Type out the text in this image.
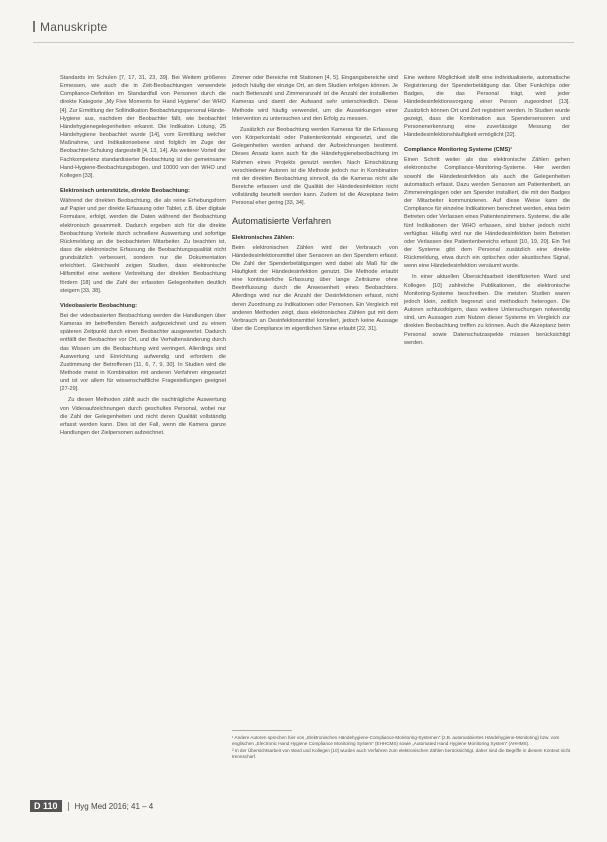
Manuskripte

Standards im Schulen [7, 17, 31, 23, 39]. Bei Weitem größeres Ermessen, wie auch die in Zeit-Beobachtungen verwendete Compliance-Definition im Standardfall von Personen durch die direkte Kategorie „My Five Moments for Hand Hygiene“ der WHO [4]. Zur Ermittlung der Sollindikation Beobachtungspersonal Hände-Hygiene aus, nachdem der Beobachter fällt, wie beobachtet Händehygienegelegenheiten erkannt. Die Indikation Lotung, 25 Händehygiene beobachtet wurde [14], vom Ermittlung welcher Maßnahme, und Indikationsebene sind folglich im Zuge der Beobachter-Schulung dargestellt [4, 13, 14]. Als weiterer Vorteil der Fachkompetenz standardisierter Beobachtung ist der gemeinsame Hand-Hygiene-Beobachtungsbogen, und 10000 von der WHO und Kollegen [33].

Elektronisch unterstützte, direkte Beobachtung:

Während der direkten Beobachtung, die als reine Erhebungsform auf Papier und per direkte Erfassung oder Tablet, z.B. über digitale Formulare, erfolgt, werden die Daten während der Beobachtung elektronisch gesammelt. Dadurch ergeben sich für die direkte Beobachtung Vorteile durch schnellere Auswertung und sofortige Rückmeldung an die beobachteten Mitarbeiter. Zu beachten ist, dass die elektronische Erfassung die Beobachtungsqualität nicht grundsätzlich verbessert, sondern nur die Dokumentation erleichtert. Gleichwohl zeigen Studien, dass elektronische Hilfsmittel eine weitere Verbreitung der direkten Beobachtung fördern [18] und die Zahl der erfassten Gelegenheiten deutlich steigern [33, 38].

Videobasierte Beobachtung:

Bei der videobasierten Beobachtung werden die Handlungen über Kameras im betreffenden Bereich aufgezeichnet und zu einem späteren Zeitpunkt durch einen Beobachter ausgewertet. Dadurch entfällt der Beobachter vor Ort, und die Verhaltensänderung durch das Wissen um die Beobachtung wird verringert. Allerdings sind Auswertung und Einrichtung aufwendig und erfordern die Zustimmung der Betroffenen [11, 6, 7, 9, 30]. In Studien wird die Methode meist in Kombination mit anderen Verfahren eingesetzt und ist vor allem für wissenschaftliche Fragestellungen geeignet [27-29].

Zu diesen Methoden zählt auch die nachträgliche Auswertung von Videoaufzeichnungen durch geschultes Personal, wobei nur die Zahl der Gelegenheiten und nicht deren Qualität vollständig erfasst werden kann. Dies ist der Fall, wenn die Kamera ganze Handlungen der Zielpersonen aufzeichnet.

Zimmer oder Bereiche mit Stationen [4, 5]. Eingangsbereiche sind jedoch häufig der einzige Ort, an dem Studien erfolgen können. Je nach Bettenzahl und Zimmeranzahl ist die Anzahl der installierten Kameras und damit der Aufwand sehr unterschiedlich. Diese Methode wird häufig verwendet, um die Auswirkungen einer Intervention zu untersuchen und den Erfolg zu messen.

Zusätzlich zur Beobachtung werden Kameras für die Erfassung von Körperkontakt oder Patientenkontakt eingesetzt, und die Gelegenheiten werden anhand der Aufzeichnungen bestimmt. Dieses Ansatz kann auch für die Händehygienebeobachtung im Rahmen eines Projekts genutzt werden. Nach Einschätzung verschiedener Autoren ist die Methode jedoch nur in Kombination mit der direkten Beobachtung sinnvoll, da die Kameras nicht alle Bereiche erfassen und die Qualität der Händedesinfektion nicht vollständig beurteilt werden kann. Zudem ist die Akzeptanz beim Personal eher gering [33, 34].

Automatisierte Verfahren
Elektronisches Zählen:

Beim elektronischen Zählen wird der Verbrauch von Händedesinfektionsmittel über Sensoren an den Spendern erfasst. Die Zahl der Spenderbetätigungen wird dabei als Maß für die Häufigkeit der Händedesinfektion genutzt. Die Methode erlaubt eine kontinuierliche Erfassung über lange Zeiträume ohne Beeinflussung durch die Anwesenheit eines Beobachters. Allerdings wird nur die Anzahl der Desinfektionen erfasst, nicht deren Zuordnung zu Indikationen oder Personen. Ein Vergleich mit anderen Methoden zeigt, dass elektronisches Zählen gut mit dem Verbrauch an Desinfektionsmittel korreliert, jedoch keine Aussage über die Compliance im eigentlichen Sinne erlaubt [22, 31].

Eine weitere Möglichkeit stellt eine individualisierte, automatische Registrierung der Spenderbetätigung dar. Über Funkchips oder Badges, die das Personal trägt, wird jeder Händedesinfektionsvorgang einer Person zugeordnet [13]. Zusätzlich können Ort und Zeit registriert werden. In Studien wurde gezeigt, dass die Kombination aus Spendersensoren und Personenerkennung eine zuverlässige Messung der Händedesinfektionshäufigkeit ermöglicht [32].

Compliance Monitoring Systeme (CMS)¹

Einen Schritt weiter als das elektronische Zählen gehen elektronische Compliance-Monitoring-Systeme. Hier werden sowohl die Händedesinfektion als auch die Gelegenheiten automatisch erfasst. Dazu werden Sensoren am Patientenbett, an Zimmereingängen oder am Spender installiert, die mit den Badges der Mitarbeiter kommunizieren. Auf diese Weise kann die Compliance für einzelne Indikationen berechnet werden, etwa beim Betreten oder Verlassen eines Patientenzimmers. Systeme, die alle fünf Indikationen der WHO erfassen, sind bisher jedoch nicht verfügbar. Häufig wird nur die Händedesinfektion beim Betreten oder Verlassen des Patientenbereichs erfasst [10, 19, 20]. Ein Teil der Systeme gibt dem Personal zusätzlich eine direkte Rückmeldung, etwa durch ein optisches oder akustisches Signal, wenn eine Händedesinfektion versäumt wurde.

In einer aktuellen Übersichtsarbeit identifizierten Ward und Kollegen [10] zahlreiche Publikationen, die elektronische Monitoring-Systeme beschreiben. Die meisten Studien waren jedoch klein, zeitlich begrenzt und methodisch heterogen. Die Autoren schlussfolgern, dass weitere Untersuchungen notwendig sind, um Aussagen zum Nutzen dieser Systeme im Vergleich zur direkten Beobachtung treffen zu können. Auch die Akzeptanz beim Personal sowie Datenschutzaspekte müssen berücksichtigt werden.

¹ Andere Autoren sprechen hier von „Elektronischen Händehygiene-Compliance-Monitoring-Systemen“ (z.B. automatisiertes Händehygiene-Monitoring) bzw. vom englischen „Electronic Hand Hygiene Compliance Monitoring System“ (EHHCMS) sowie „Automated Hand Hygiene Monitoring System“ (AHHMS).

² In der Übersichtsarbeit von Ward und Kollegen [10] wurden auch Verfahren zum elektronischen Zählen berücksichtigt, daher sind die Begriffe in diesem Kontext nicht trennscharf.

D 110	Hyg Med 2016; 41 – 4
